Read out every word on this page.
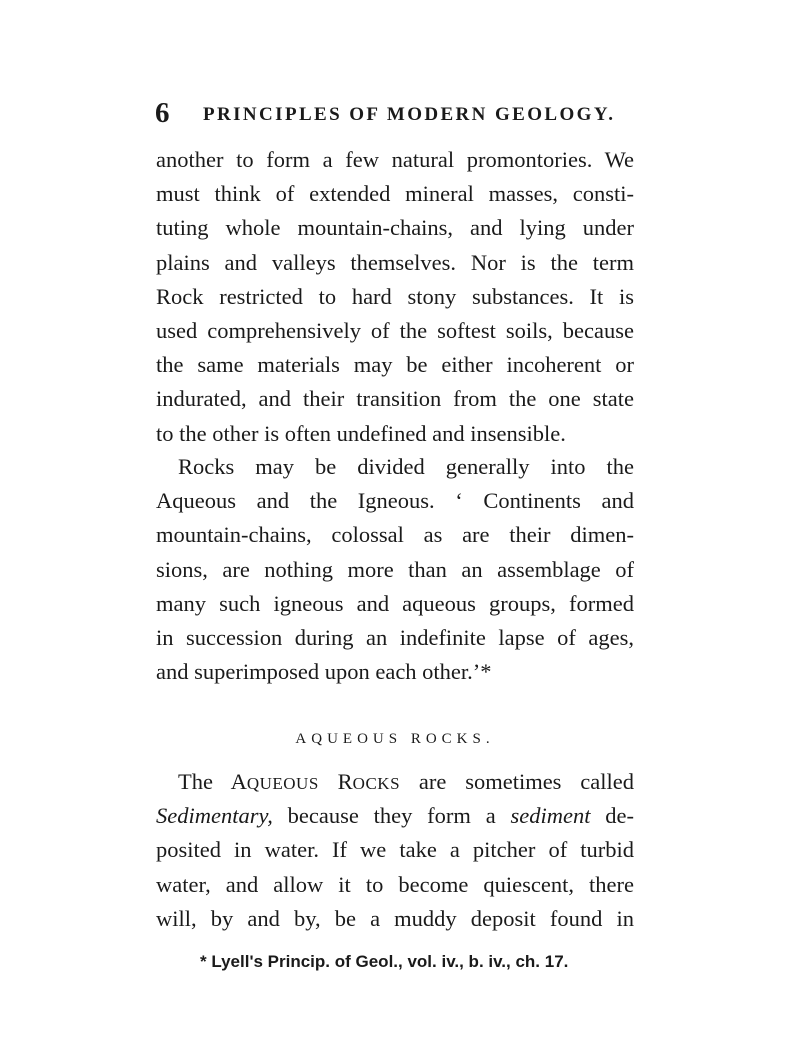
6 PRINCIPLES OF MODERN GEOLOGY.
another to form a few natural promontories. We
must think of extended mineral masses, consti-
tuting whole mountain-chains, and lying under
plains and valleys themselves. Nor is the term
Rock restricted to hard stony substances. It is
used comprehensively of the softest soils, because
the same materials may be either incoherent or
indurated, and their transition from the one state
to the other is often undefined and insensible.
Rocks may be divided generally into the
Aqueous and the Igneous. ‘ Continents and
mountain-chains, colossal as are their dimen-
sions, are nothing more than an assemblage of
many such igneous and aqueous groups, formed
in succession during an indefinite lapse of ages,
and superimposed upon each other.’*
AQUEOUS ROCKS.
The AQUEOUS ROCKS are sometimes called
Sedimentary, because they form a sediment de-
posited in water. If we take a pitcher of turbid
water, and allow it to become quiescent, there
will, by and by, be a muddy deposit found in
* Lyell's Princip. of Geol., vol. iv., b. iv., ch. 17.
